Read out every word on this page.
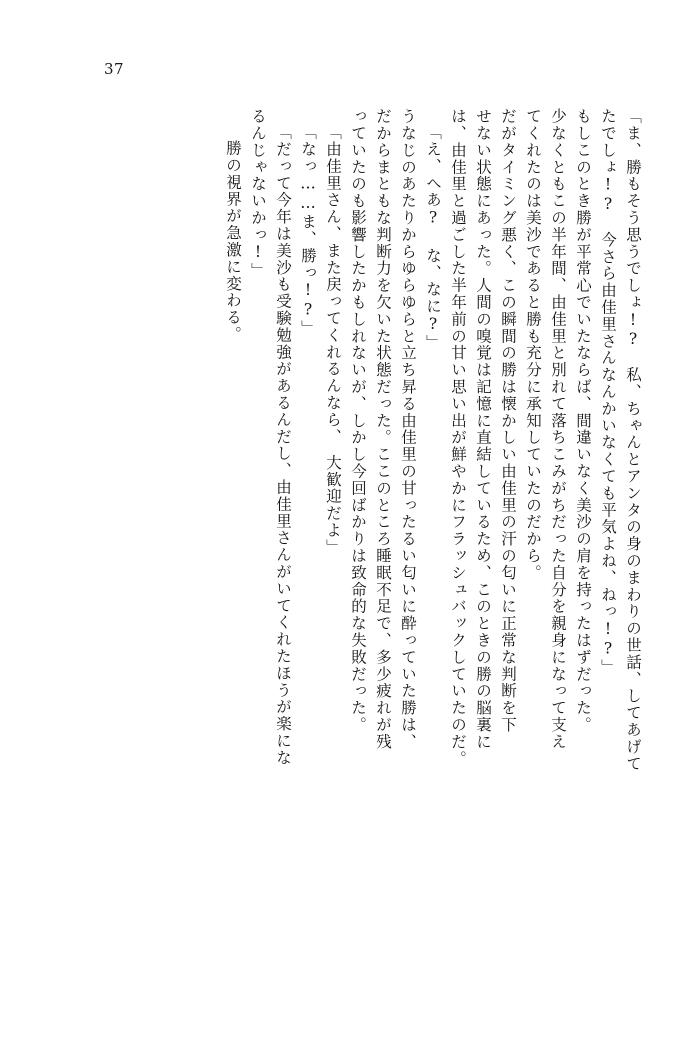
37
「ま、勝もそう思うでしょ!?　私、ちゃんとアンタの身のまわりの世話、してあげて
たでしょ!?　今さら由佳里さんなんかいなくても平気よね、ねっ!?」
もしこのとき勝が平常心でいたならば、間違いなく美沙の肩を持ったはずだった。
少なくともこの半年間、由佳里と別れて落ちこみがちだった自分を親身になって支え
てくれたのは美沙であると勝も充分に承知していたのだから。
だがタイミング悪く、この瞬間の勝は懐かしい由佳里の汗の匂いに正常な判断を下
せない状態にあった。人間の嗅覚は記憶に直結しているため、このときの勝の脳裏に
は、由佳里と過ごした半年前の甘い思い出が鮮やかにフラッシュバックしていたのだ。
「え、へあ? な、なに?」
うなじのあたりからゆらゆらと立ち昇る由佳里の甘ったるい匂いに酔っていた勝は、
だからまともな判断力を欠いた状態だった。ここのところ睡眠不足で、多少疲れが残
っていたのも影響したかもしれないが、しかし今回ばかりは致命的な失敗だった。
「由佳里さん、また戻ってくれるんなら、　大歓迎だよ」
「なっ……ま、勝っ!?」
「だって今年は美沙も受験勉強があるんだし、由佳里さんがいてくれたほうが楽にな
るんじゃないかっ!」
勝の視界が急激に変わる。
